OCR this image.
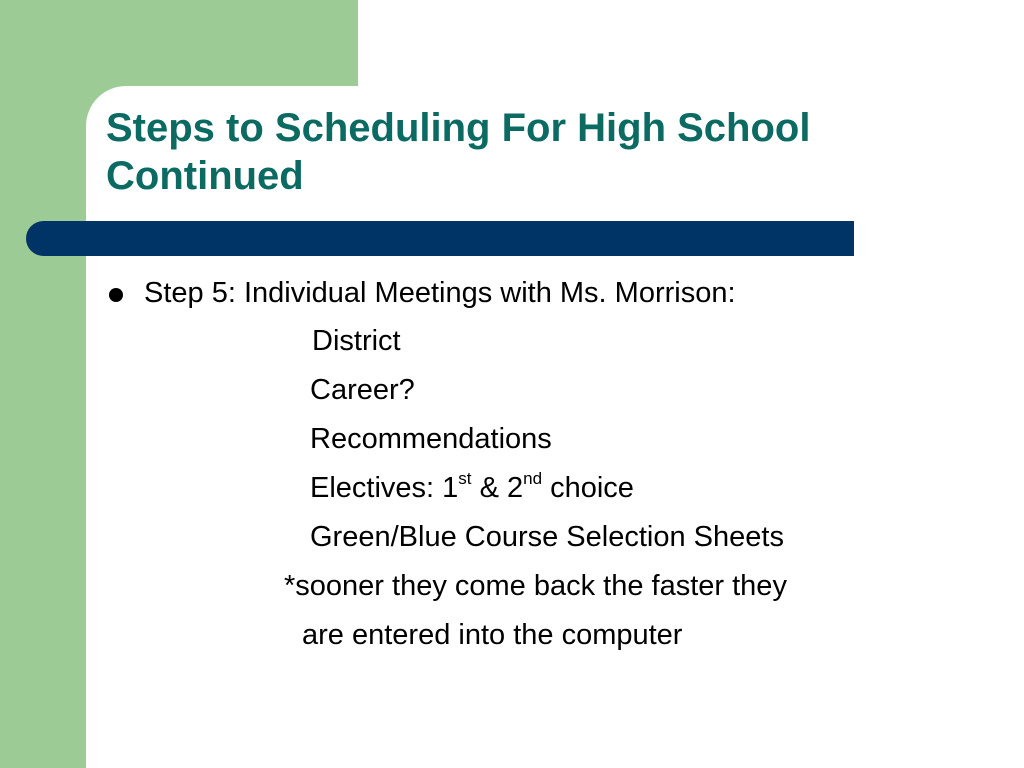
Steps to Scheduling For High School
Continued
Step 5: Individual Meetings with Ms. Morrison:
District
Career?
Recommendations
Electives: 1st & 2nd choice
Green/Blue Course Selection Sheets
*sooner they come back the faster they
are entered into the computer
